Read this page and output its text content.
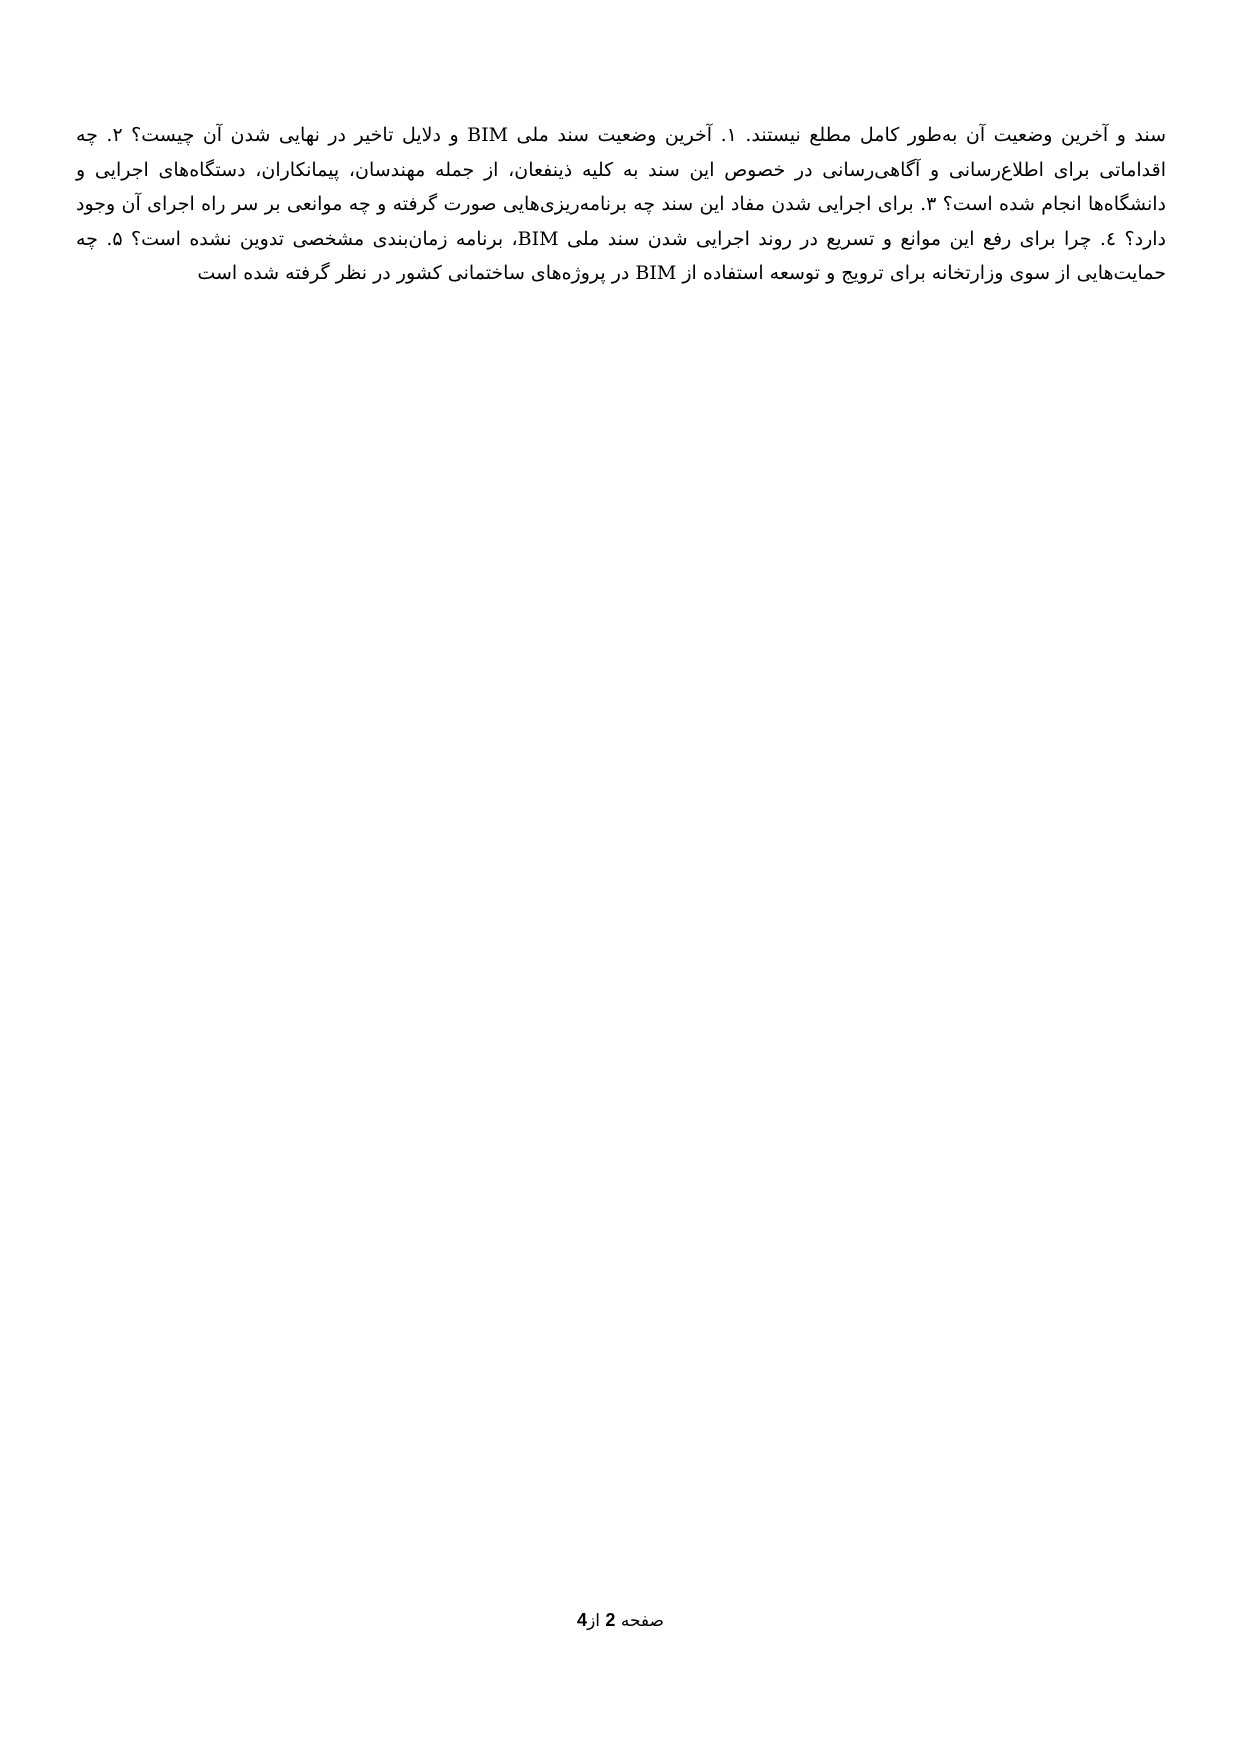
سند و آخرین وضعیت آن به‌طور کامل مطلع نیستند. ۱. آخرین وضعیت سند ملی BIM و دلایل تاخیر در نهایی شدن آن چیست؟ ۲. چه اقداماتی برای اطلاع‌رسانی و آگاهی‌رسانی در خصوص این سند به کلیه ذینفعان، از جمله مهندسان، پیمانکاران، دستگاه‌های اجرایی و دانشگاه‌ها انجام شده است؟ ۳. برای اجرایی شدن مفاد این سند چه برنامه‌ریزی‌هایی صورت گرفته و چه موانعی بر سر راه اجرای آن وجود دارد؟ ٤. چرا برای رفع این موانع و تسریع در روند اجرایی شدن سند ملی BIM، برنامه زمان‌بندی مشخصی تدوین نشده است؟ ۵. چه حمایت‌هایی از سوی وزارتخانه برای ترویج و توسعه استفاده از BIM در پروژه‌های ساختمانی کشور در نظر گرفته شده است

صفحه 2 از4
